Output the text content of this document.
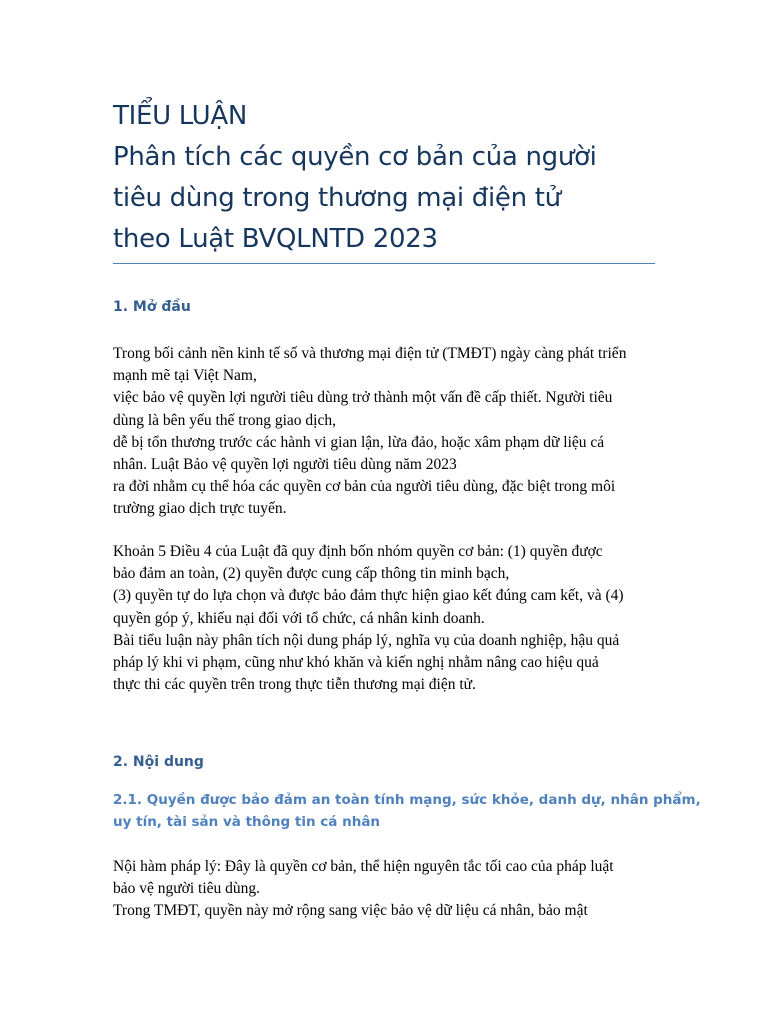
TIỂU LUẬN
Phân tích các quyền cơ bản của người
tiêu dùng trong thương mại điện tử
theo Luật BVQLNTD 2023
1. Mở đầu
Trong bối cảnh nền kinh tế số và thương mại điện tử (TMĐT) ngày càng phát triển
mạnh mẽ tại Việt Nam,
việc bảo vệ quyền lợi người tiêu dùng trở thành một vấn đề cấp thiết. Người tiêu
dùng là bên yếu thế trong giao dịch,
dễ bị tổn thương trước các hành vi gian lận, lừa đảo, hoặc xâm phạm dữ liệu cá
nhân. Luật Bảo vệ quyền lợi người tiêu dùng năm 2023
ra đời nhằm cụ thể hóa các quyền cơ bản của người tiêu dùng, đặc biệt trong môi
trường giao dịch trực tuyến.
Khoản 5 Điều 4 của Luật đã quy định bốn nhóm quyền cơ bản: (1) quyền được
bảo đảm an toàn, (2) quyền được cung cấp thông tin minh bạch,
(3) quyền tự do lựa chọn và được bảo đảm thực hiện giao kết đúng cam kết, và (4)
quyền góp ý, khiếu nại đối với tổ chức, cá nhân kinh doanh.
Bài tiểu luận này phân tích nội dung pháp lý, nghĩa vụ của doanh nghiệp, hậu quả
pháp lý khi vi phạm, cũng như khó khăn và kiến nghị nhằm nâng cao hiệu quả
thực thi các quyền trên trong thực tiễn thương mại điện tử.
2. Nội dung
2.1. Quyền được bảo đảm an toàn tính mạng, sức khỏe, danh dự, nhân phẩm,
uy tín, tài sản và thông tin cá nhân
Nội hàm pháp lý: Đây là quyền cơ bản, thể hiện nguyên tắc tối cao của pháp luật
bảo vệ người tiêu dùng.
Trong TMĐT, quyền này mở rộng sang việc bảo vệ dữ liệu cá nhân, bảo mật
